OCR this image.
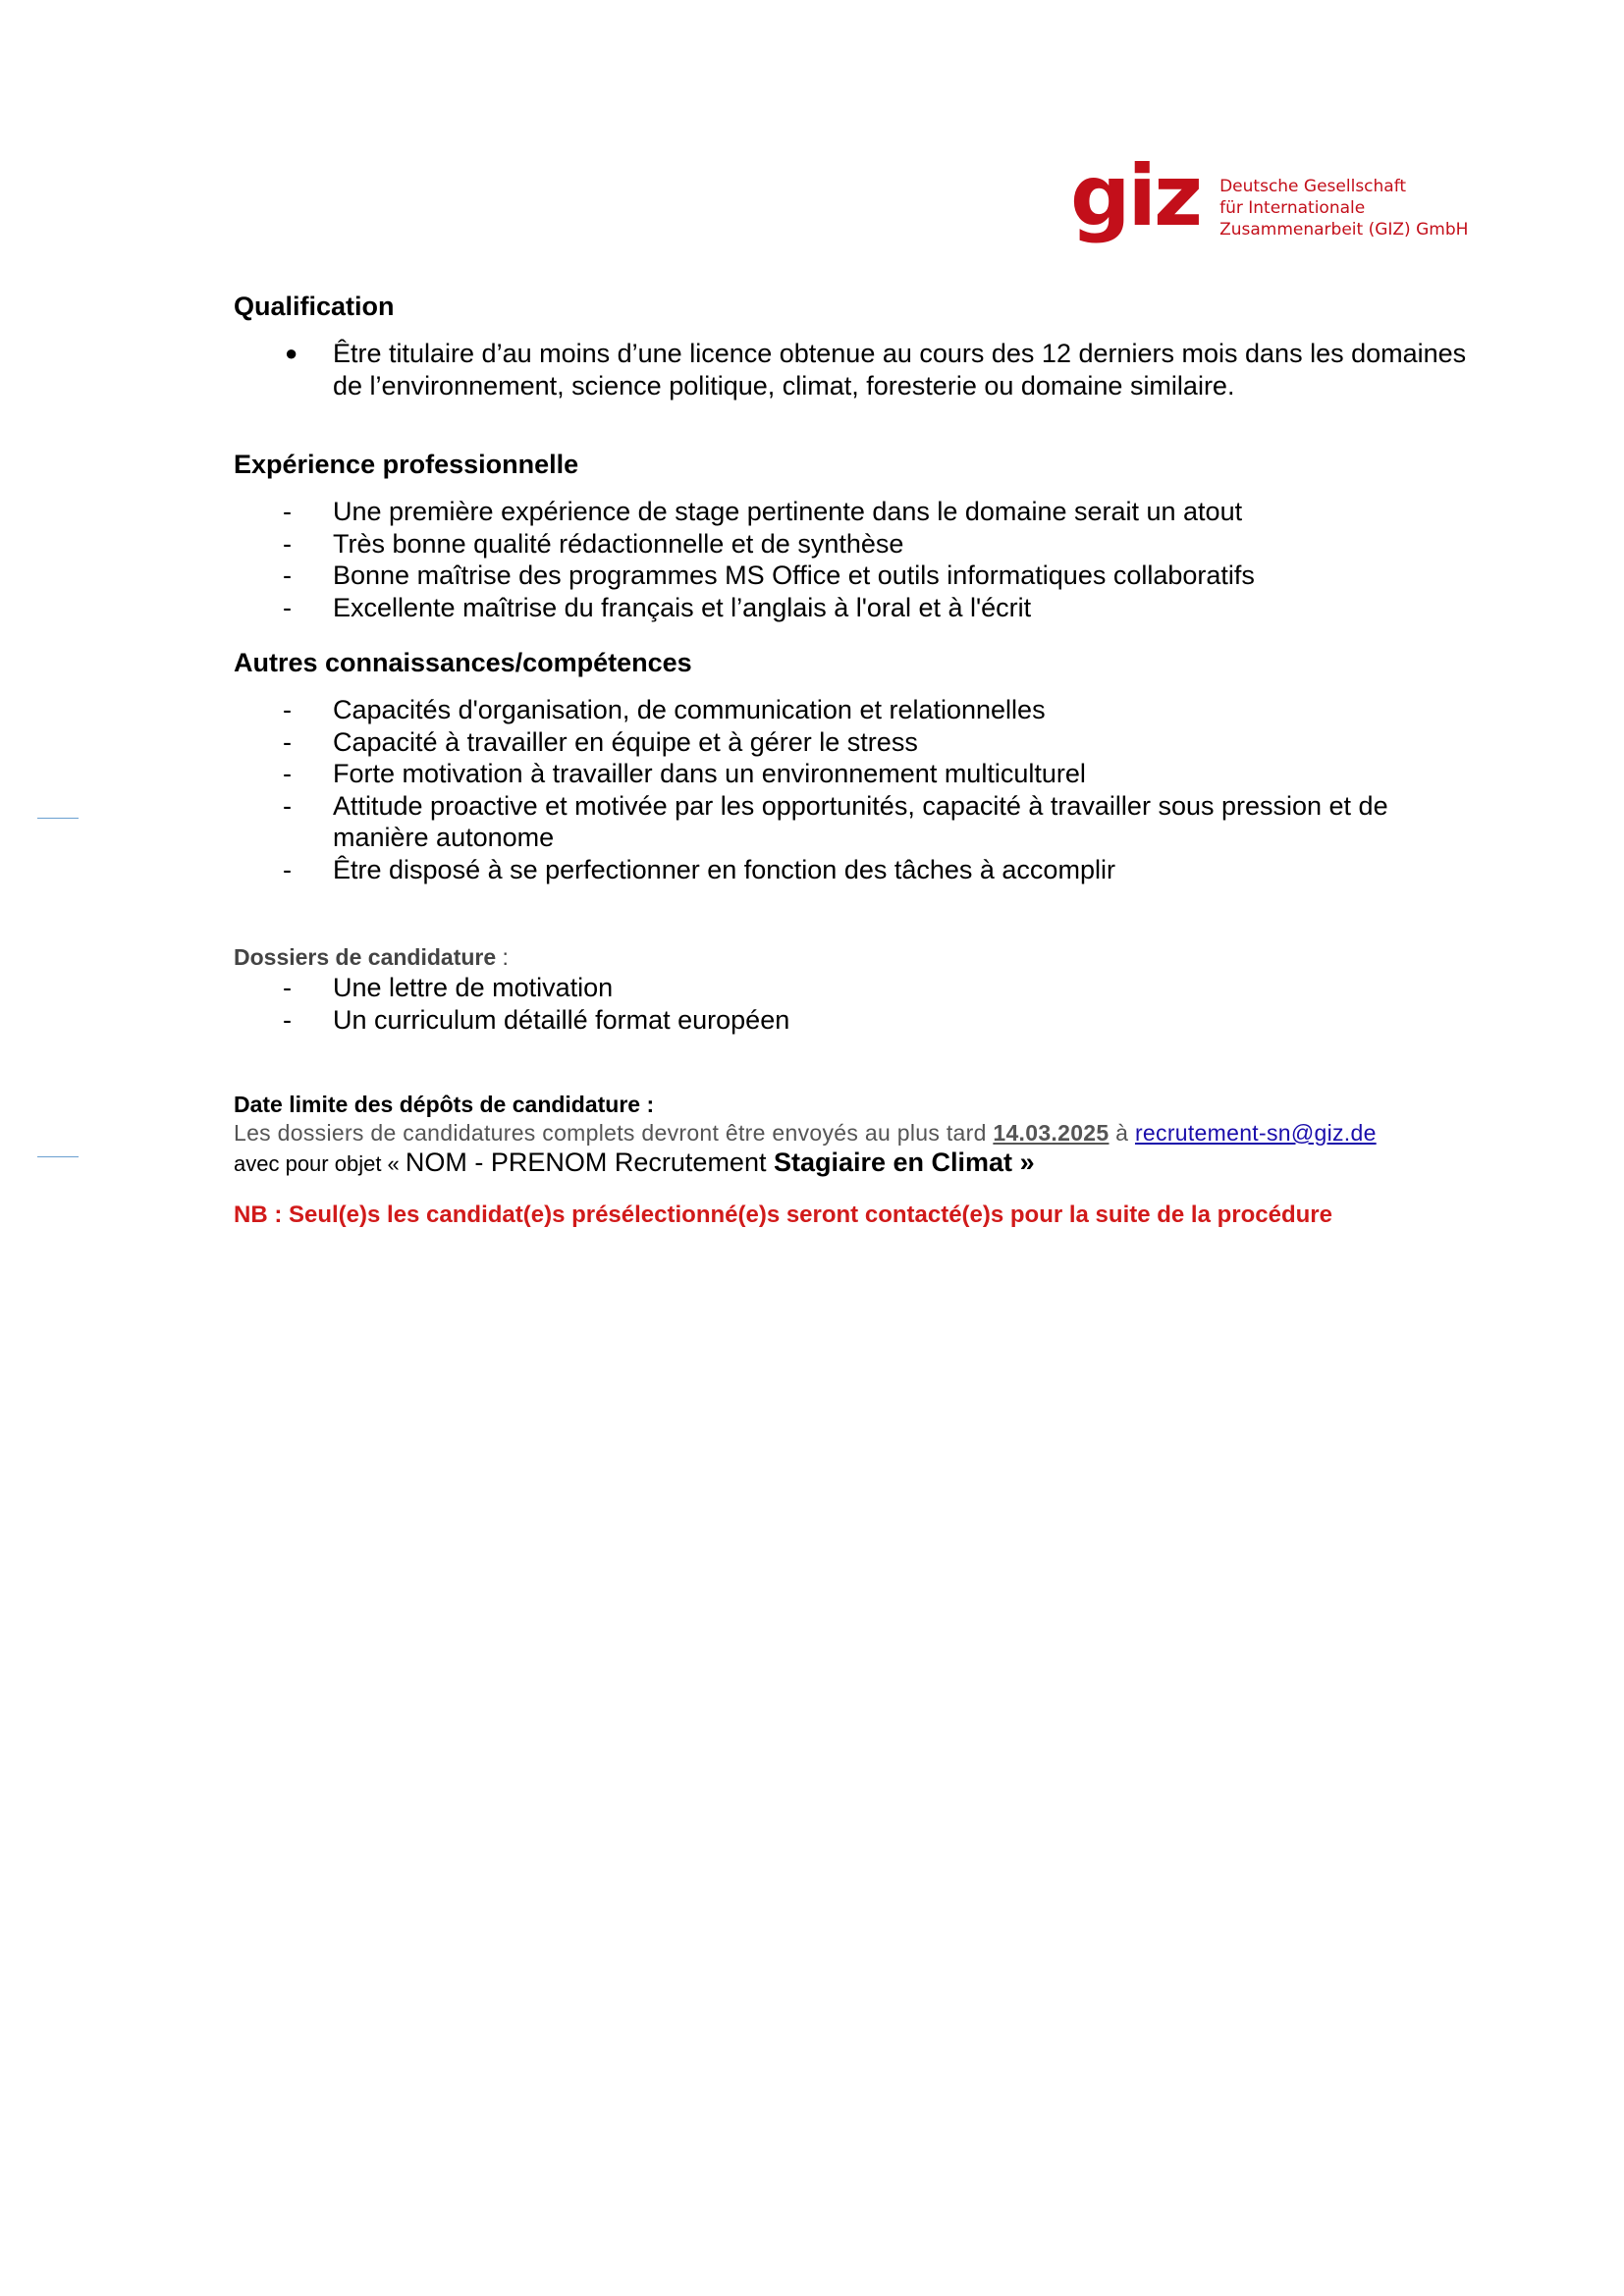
giz Deutsche Gesellschaft
für Internationale
Zusammenarbeit (GIZ) GmbH
Qualification
● Être titulaire d’au moins d’une licence obtenue au cours des 12 derniers mois dans les domaines de l’environnement, science politique, climat, foresterie ou domaine similaire.
Expérience professionnelle
- Une première expérience de stage pertinente dans le domaine serait un atout
- Très bonne qualité rédactionnelle et de synthèse
- Bonne maîtrise des programmes MS Office et outils informatiques collaboratifs
- Excellente maîtrise du français et l’anglais à l'oral et à l'écrit
Autres connaissances/compétences
- Capacités d'organisation, de communication et relationnelles
- Capacité à travailler en équipe et à gérer le stress
- Forte motivation à travailler dans un environnement multiculturel
- Attitude proactive et motivée par les opportunités, capacité à travailler sous pression et de manière autonome
- Être disposé à se perfectionner en fonction des tâches à accomplir
Dossiers de candidature :
- Une lettre de motivation
- Un curriculum détaillé format européen
Date limite des dépôts de candidature :
Les dossiers de candidatures complets devront être envoyés au plus tard 14.03.2025 à recrutement-sn@giz.de
avec pour objet « NOM - PRENOM Recrutement Stagiaire en Climat »
NB : Seul(e)s les candidat(e)s présélectionné(e)s seront contacté(e)s pour la suite de la procédure
